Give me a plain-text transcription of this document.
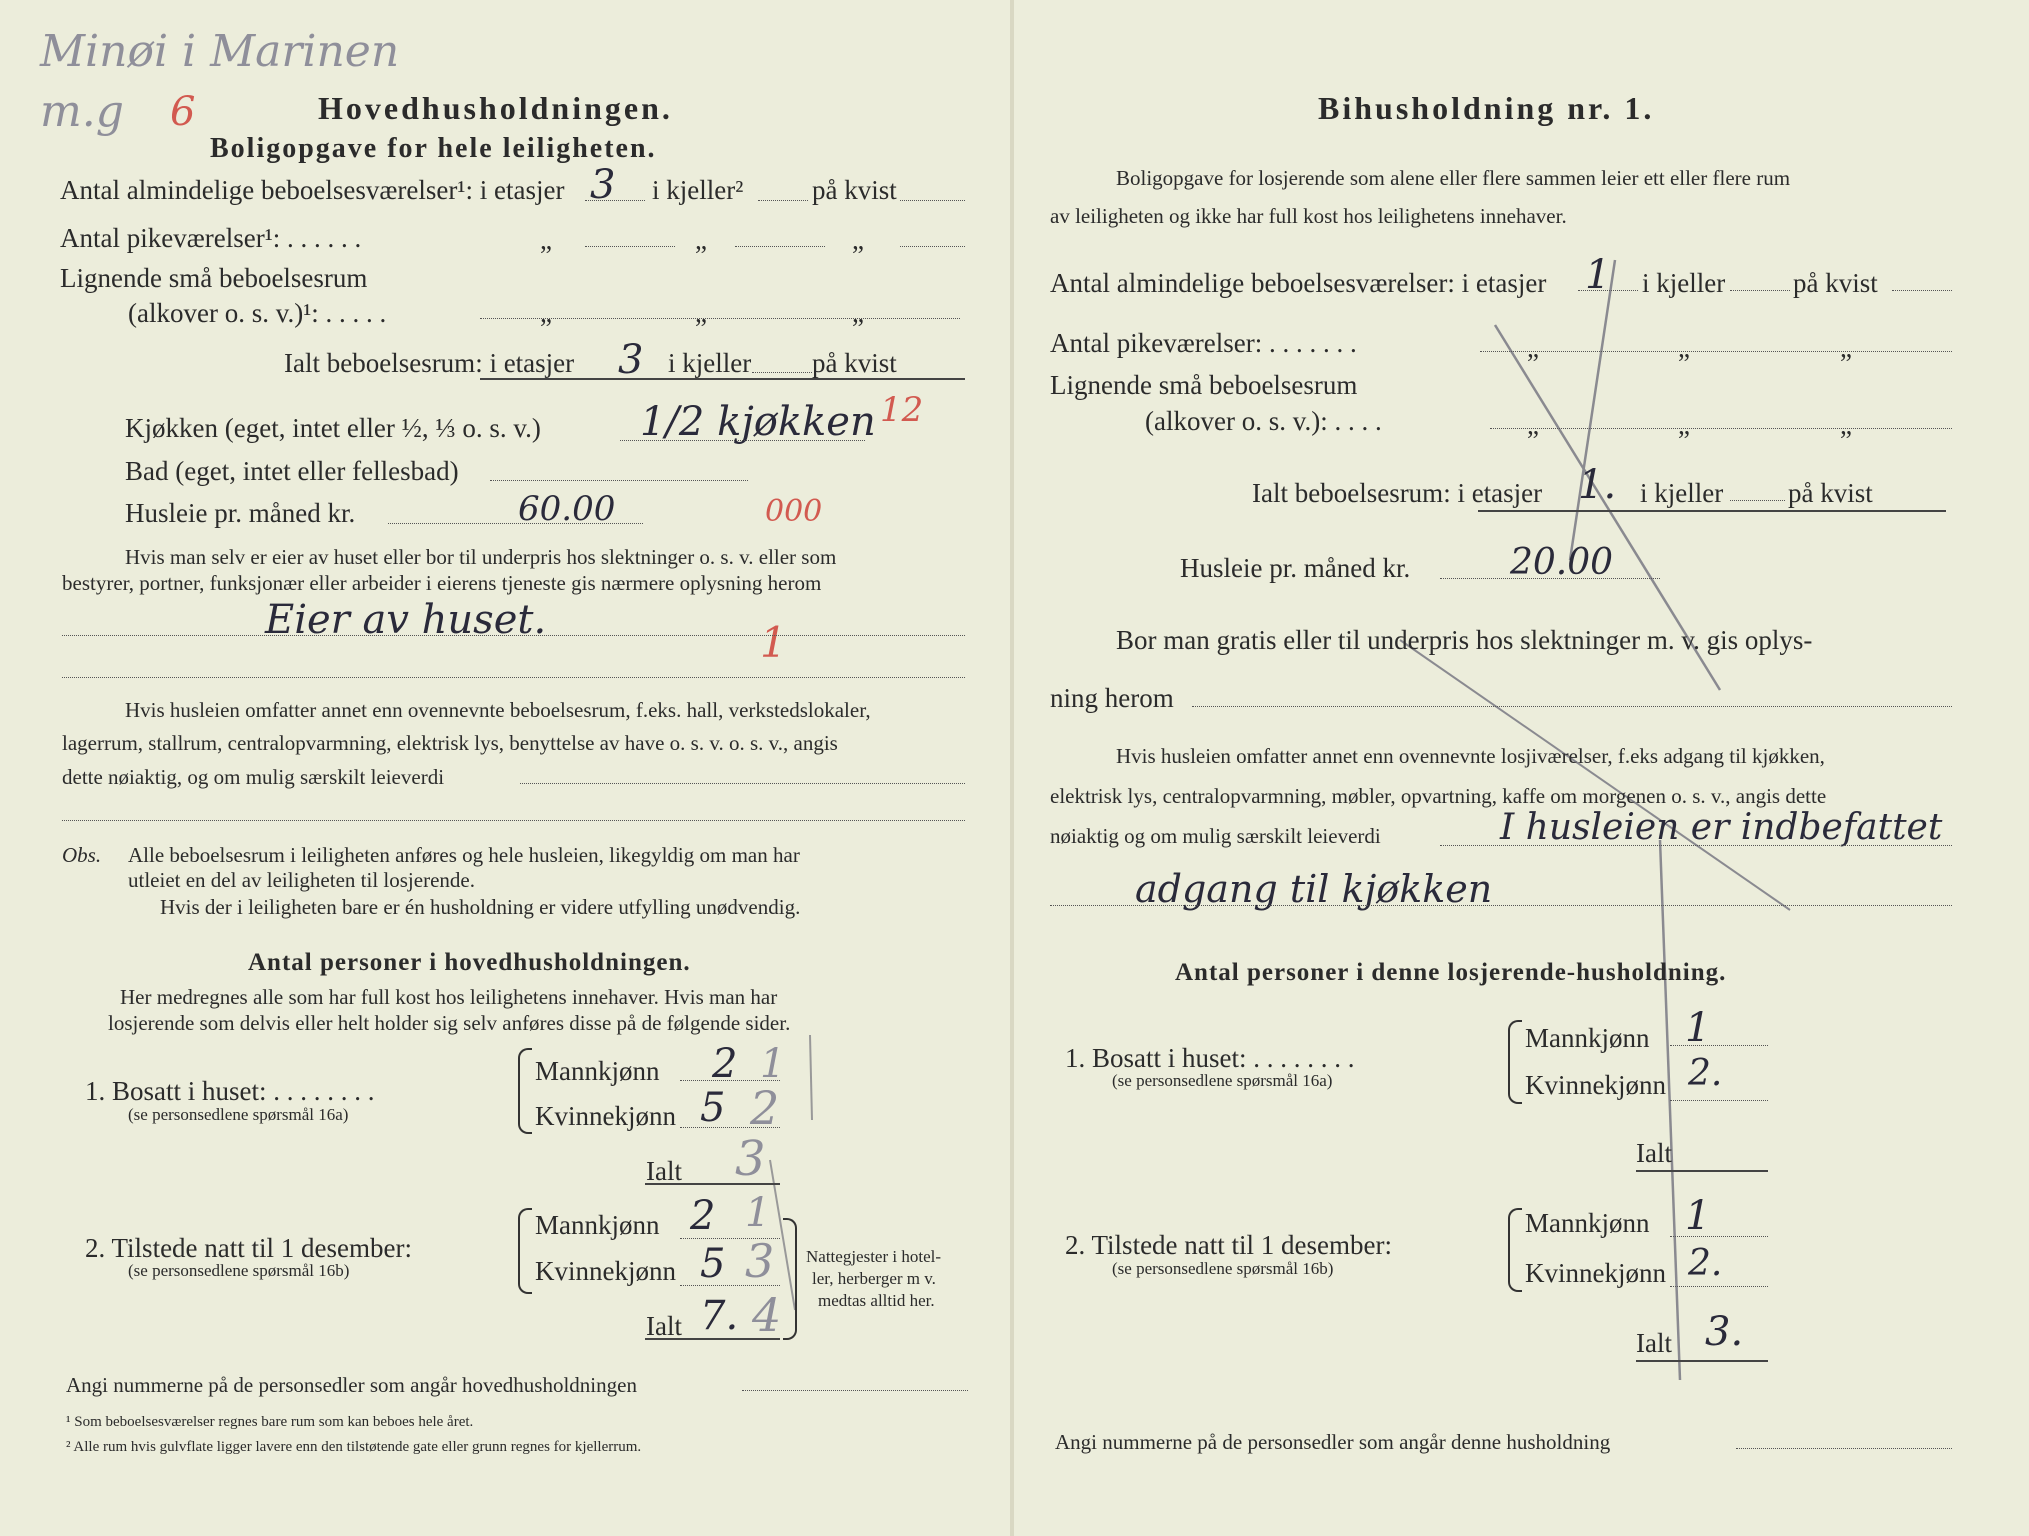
Minøi i Marinen
m.g 6	Hovedhusholdningen.
Boligopgave for hele leiligheten.
Antal almindelige beboelsesværelser¹: i etasjer 3 i kjeller²	på kvist
Antal pikeværelser¹: . . . . . .	„	„	„
Lignende små beboelsesrum
(alkover o. s. v.)¹: . . . . .	„	„	„
Ialt beboelsesrum: i etasjer 3 i kjeller på kvist
Kjøkken (eget, intet eller ½, ⅓ o. s. v.) 1/2 kjøkken 12
Bad (eget, intet eller fellesbad)
Husleie pr. måned kr.	60.00	000
Hvis man selv er eier av huset eller bor til underpris hos slektninger o. s. v. eller som
bestyrer, portner, funksjonær eller arbeider i eierens tjeneste gis nærmere oplysning herom
Eier av huset.	1
Hvis husleien omfatter annet enn ovennevnte beboelsesrum, f.eks. hall, verkstedslokaler,
lagerrum, stallrum, centralopvarmning, elektrisk lys, benyttelse av have o. s. v. o. s. v., angis
dette nøiaktig, og om mulig særskilt leieverdi
Obs. Alle beboelsesrum i leiligheten anføres og hele husleien, likegyldig om man har
utleiet en del av leiligheten til losjerende.
Hvis der i leiligheten bare er én husholdning er videre utfylling unødvendig.
Antal personer i hovedhusholdningen.
Her medregnes alle som har full kost hos leilighetens innehaver. Hvis man har
losjerende som delvis eller helt holder sig selv anføres disse på de følgende sider.
1. Bosatt i huset: . . . . . . . .
(se personsedlene spørsmål 16a)
Mannkjønn 2 1
Kvinnekjønn 5 2
Ialt 3
2. Tilstede natt til 1 desember:
(se personsedlene spørsmål 16b)
Mannkjønn 2 1
Kvinnekjønn 5 3
Ialt 7. 4
Nattegjester i hotel-
ler, herberger m v.
medtas alltid her.
Angi nummerne på de personsedler som angår hovedhusholdningen
¹ Som beboelsesværelser regnes bare rum som kan beboes hele året.
² Alle rum hvis gulvflate ligger lavere enn den tilstøtende gate eller grunn regnes for kjellerrum.
Bihusholdning nr. 1.
Boligopgave for losjerende som alene eller flere sammen leier ett eller flere rum
av leiligheten og ikke har full kost hos leilighetens innehaver.
Antal almindelige beboelsesværelser: i etasjer 1 i kjeller	på kvist
Antal pikeværelser: . . . . . . .	„	„	„
Lignende små beboelsesrum
(alkover o. s. v.): . . . .	„	„	„
Ialt beboelsesrum: i etasjer 1. i kjeller på kvist
Husleie pr. måned kr.	20.00
Bor man gratis eller til underpris hos slektninger m. v. gis oplys-
ning herom
Hvis husleien omfatter annet enn ovennevnte losjiværelser, f.eks adgang til kjøkken,
elektrisk lys, centralopvarmning, møbler, opvartning, kaffe om morgenen o. s. v., angis dette
nøiaktig og om mulig særskilt leieverdi	I husleien er indbefattet
adgang til kjøkken
Antal personer i denne losjerende-husholdning.
1. Bosatt i huset: . . . . . . . .
(se personsedlene spørsmål 16a)
Mannkjønn 1
Kvinnekjønn 2.
Ialt
2. Tilstede natt til 1 desember:
(se personsedlene spørsmål 16b)
Mannkjønn 1
Kvinnekjønn 2.
Ialt 3.
Angi nummerne på de personsedler som angår denne husholdning
